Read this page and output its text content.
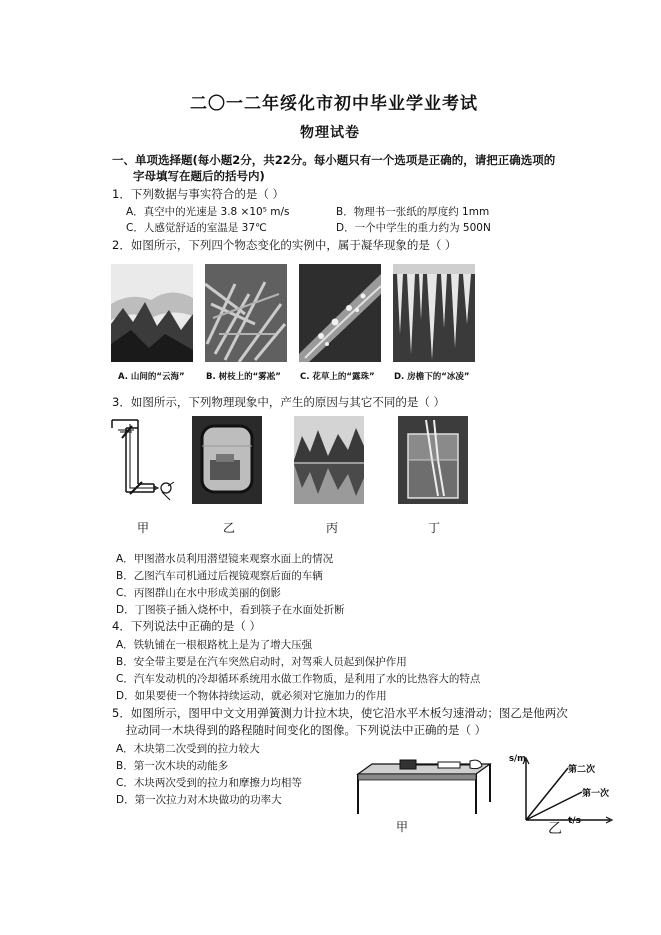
二〇一二年绥化市初中毕业学业考试
物理试卷
一、单项选择题(每小题2分，共22分。每小题只有一个选项是正确的，请把正确选项的
字母填写在题后的括号内)
1．下列数据与事实符合的是（ ）
A．真空中的光速是 3.8 ×10⁵ m/s	B．物理书一张纸的厚度约 1mm
C．人感觉舒适的室温是 37℃	D．一个中学生的重力约为 500N
2．如图所示，下列四个物态变化的实例中，属于凝华现象的是（ ）
A. 山间的“云海”	B. 树枝上的“雾凇” C. 花草上的“露珠” D. 房檐下的“冰凌”
3．如图所示，下列物理现象中，产生的原因与其它不同的是（ ）
甲	乙	丙	丁
A．甲图潜水员利用潜望镜来观察水面上的情况
B．乙图汽车司机通过后视镜观察后面的车辆
C．丙图群山在水中形成美丽的倒影
D．丁图筷子插入烧杯中，看到筷子在水面处折断
4．下列说法中正确的是（ ）
A．铁轨铺在一根根路枕上是为了增大压强
B．安全带主要是在汽车突然启动时，对驾乘人员起到保护作用
C．汽车发动机的冷却循环系统用水做工作物质，是利用了水的比热容大的特点
D．如果要使一个物体持续运动，就必须对它施加力的作用
5．如图所示，图甲中文文用弹簧测力计拉木块，使它沿水平木板匀速滑动；图乙是他两次
拉动同一木块得到的路程随时间变化的图像。下列说法中正确的是（ ）
A．木块第二次受到的拉力较大
B．第一次木块的动能多
C．木块两次受到的拉力和摩擦力均相等
D．第一次拉力对木块做功的功率大
甲
s/m
t/s
第二次
第一次
乙
